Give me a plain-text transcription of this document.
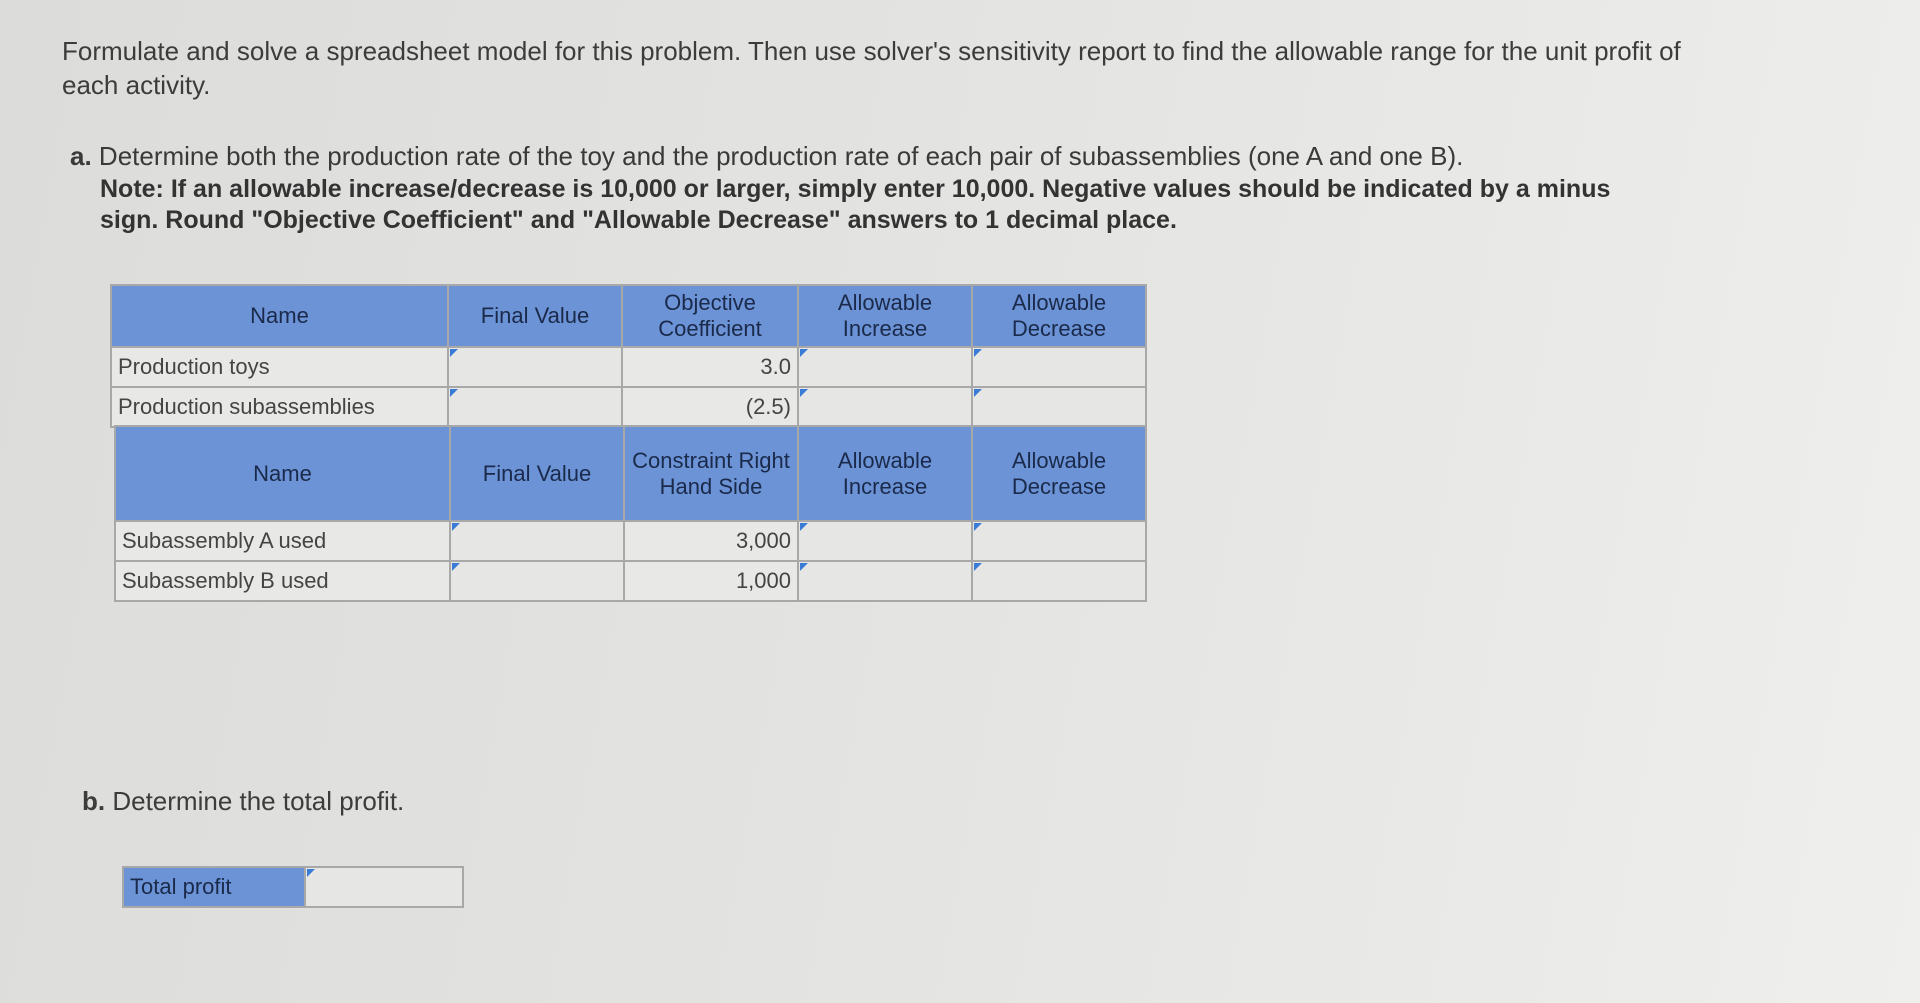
Formulate and solve a spreadsheet model for this problem. Then use solver's sensitivity report to find the allowable range for the unit profit of each activity.
a. Determine both the production rate of the toy and the production rate of each pair of subassemblies (one A and one B).
Note: If an allowable increase/decrease is 10,000 or larger, simply enter 10,000. Negative values should be indicated by a minus sign. Round "Objective Coefficient" and "Allowable Decrease" answers to 1 decimal place.
Name	Final Value	Objective Coefficient	Allowable Increase	Allowable Decrease
Production toys		3.0		
Production subassemblies		(2.5)		
Name	Final Value	Constraint Right Hand Side	Allowable Increase	Allowable Decrease
Subassembly A used		3,000		
Subassembly B used		1,000		
b. Determine the total profit.
Total profit	
